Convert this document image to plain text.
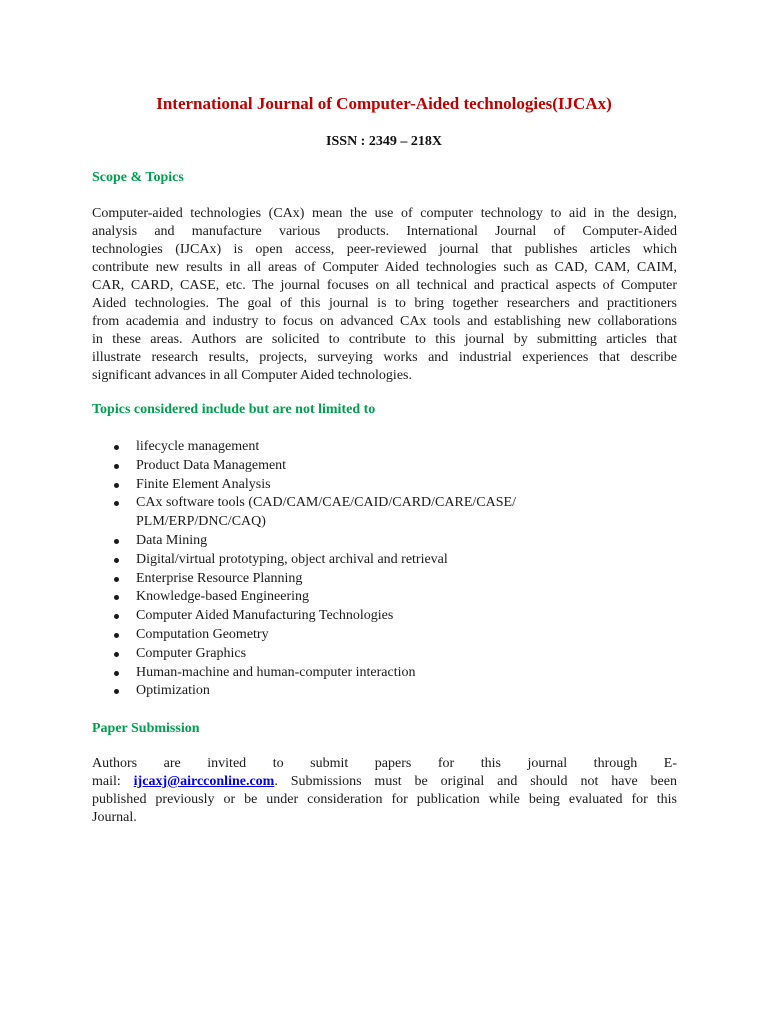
International Journal of Computer-Aided technologies(IJCAx)
ISSN : 2349 – 218X
Scope & Topics
Computer-aided technologies (CAx) mean the use of computer technology to aid in the design,
analysis and manufacture various products. International Journal of Computer-Aided
technologies (IJCAx) is open access, peer-reviewed journal that publishes articles which
contribute new results in all areas of Computer Aided technologies such as CAD, CAM, CAIM,
CAR, CARD, CASE, etc. The journal focuses on all technical and practical aspects of Computer
Aided technologies. The goal of this journal is to bring together researchers and practitioners
from academia and industry to focus on advanced CAx tools and establishing new collaborations
in these areas. Authors are solicited to contribute to this journal by submitting articles that
illustrate research results, projects, surveying works and industrial experiences that describe
significant advances in all Computer Aided technologies.
Topics considered include but are not limited to
lifecycle management
Product Data Management
Finite Element Analysis
CAx software tools (CAD/CAM/CAE/CAID/CARD/CARE/CASE/
PLM/ERP/DNC/CAQ)
Data Mining
Digital/virtual prototyping, object archival and retrieval
Enterprise Resource Planning
Knowledge-based Engineering
Computer Aided Manufacturing Technologies
Computation Geometry
Computer Graphics
Human-machine and human-computer interaction
Optimization
Paper Submission
Authors are invited to submit papers for this journal through E-
mail: ijcaxj@aircconline.com. Submissions must be original and should not have been
published previously or be under consideration for publication while being evaluated for this
Journal.
